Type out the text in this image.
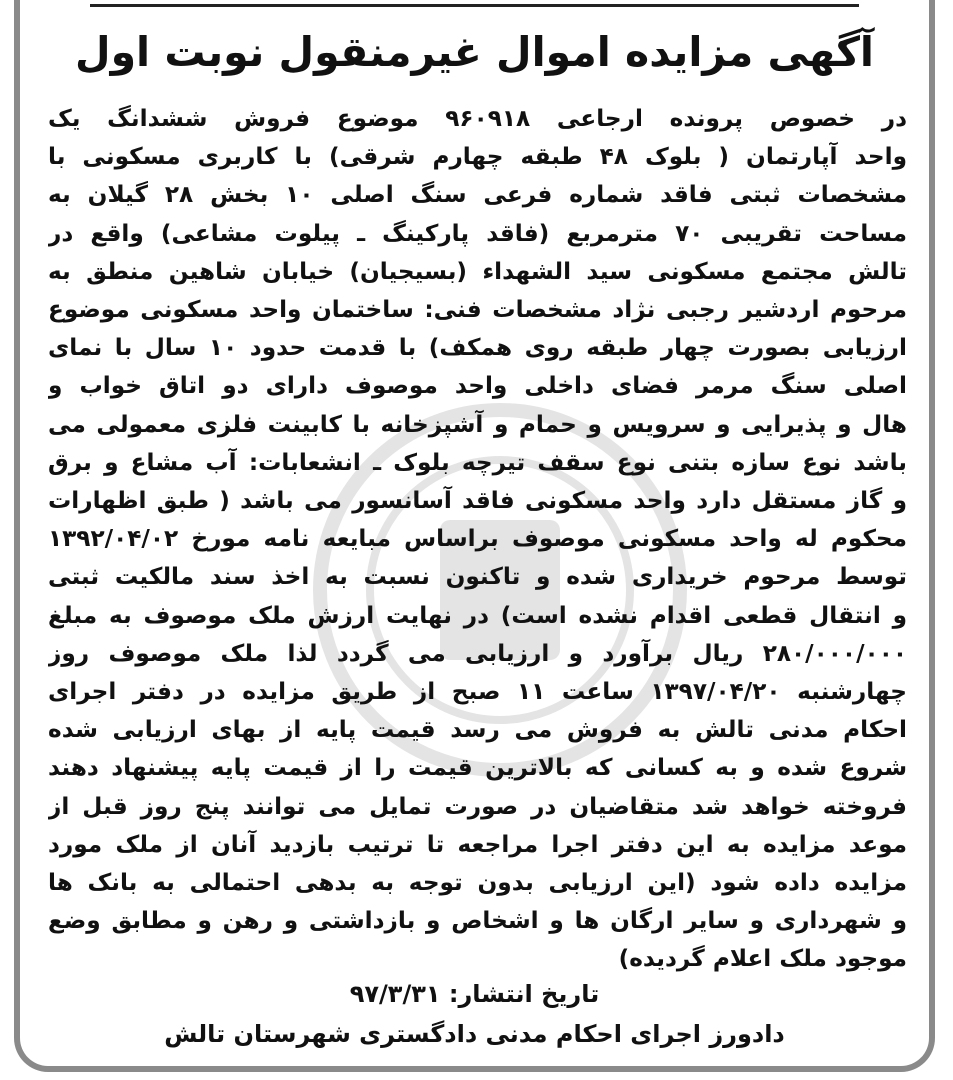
آگهی مزایده اموال غیرمنقول نوبت اول
در خصوص پرونده ارجاعی ۹۶۰۹۱۸ موضوع فروش ششدانگ یک
واحد آپارتمان ( بلوک ۴۸ طبقه چهارم شرقی) با کاربری مسکونی با
مشخصات ثبتی فاقد شماره فرعی سنگ اصلی ۱۰ بخش ۲۸ گیلان به
مساحت تقریبی ۷۰ مترمربع (فاقد پارکینگ ـ پیلوت مشاعی) واقع در
تالش مجتمع مسکونی سید الشهداء (بسیجیان) خیابان شاهین منطق به
مرحوم اردشیر رجبی نژاد مشخصات فنی: ساختمان واحد مسکونی موضوع
ارزیابی بصورت چهار طبقه روی همکف) با قدمت حدود ۱۰ سال با نمای
اصلی سنگ مرمر فضای داخلی واحد موصوف دارای دو اتاق خواب و
هال و پذیرایی و سرویس و حمام و آشپزخانه با کابینت فلزی معمولی می
باشد نوع سازه بتنی نوع سقف تیرچه بلوک ـ انشعابات: آب مشاع و برق
و گاز مستقل دارد واحد مسکونی فاقد آسانسور می باشد ( طبق اظهارات
محکوم له واحد مسکونی موصوف براساس مبایعه نامه مورخ ۱۳۹۲/۰۴/۰۲
توسط مرحوم خریداری شده و تاکنون نسبت به اخذ سند مالکیت ثبتی
و انتقال قطعی اقدام نشده است) در نهایت ارزش ملک موصوف به مبلغ
۲۸۰/۰۰۰/۰۰۰ ریال برآورد و ارزیابی می گردد لذا ملک موصوف روز
چهارشنبه ۱۳۹۷/۰۴/۲۰ ساعت ۱۱ صبح از طریق مزایده در دفتر اجرای
احکام مدنی تالش به فروش می رسد قیمت پایه از بهای ارزیابی شده
شروع شده و به کسانی که بالاترین قیمت را از قیمت پایه پیشنهاد دهند
فروخته خواهد شد متقاضیان در صورت تمایل می توانند پنج روز قبل از
موعد مزایده به این دفتر اجرا مراجعه تا ترتیب بازدید آنان از ملک مورد
مزایده داده شود (این ارزیابی بدون توجه به بدهی احتمالی به بانک ها
و شهرداری و سایر ارگان ها و اشخاص و بازداشتی و رهن و مطابق وضع
موجود ملک اعلام گردیده)
تاریخ انتشار: ۹۷/۳/۳۱
دادورز اجرای احکام مدنی دادگستری شهرستان تالش
